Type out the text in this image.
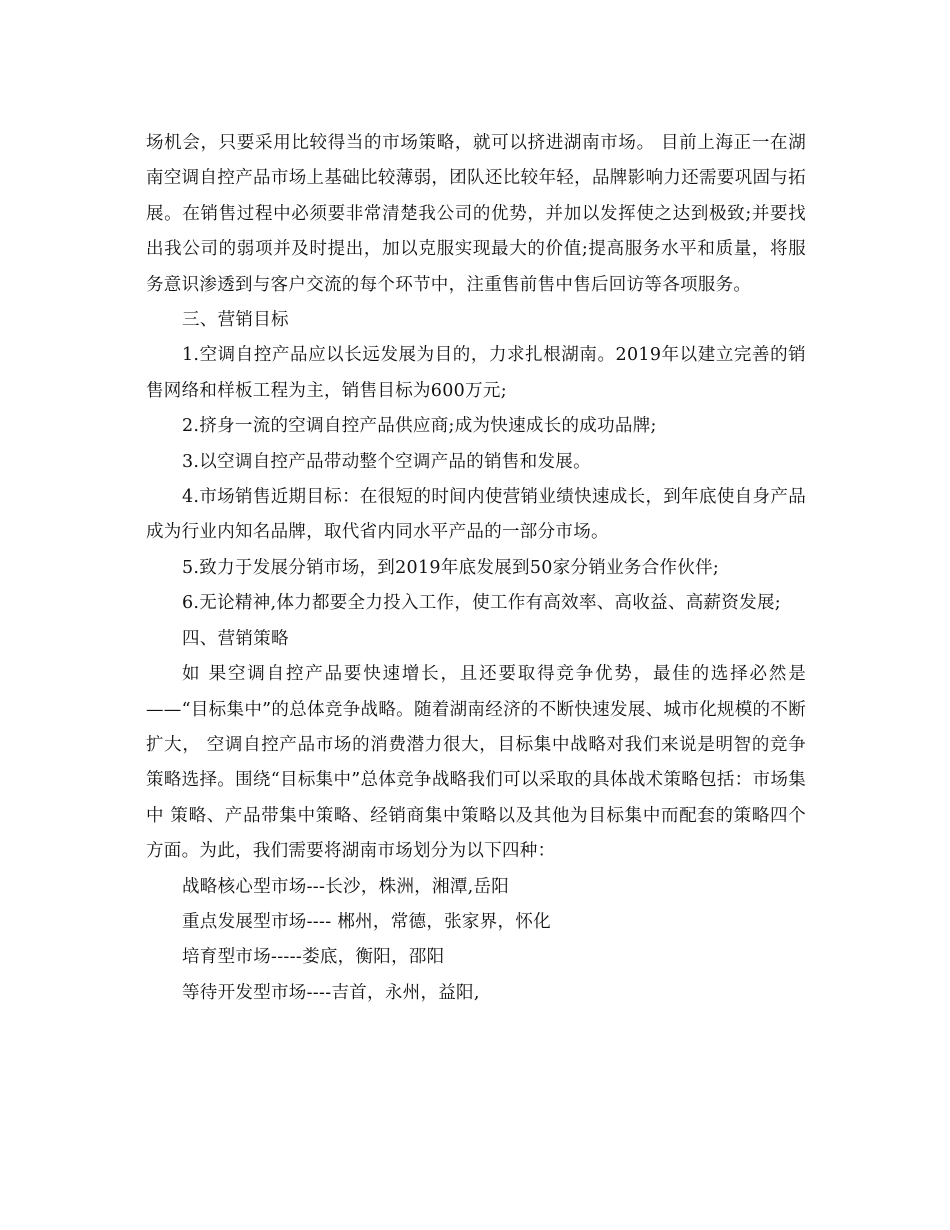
场机会，只要采用比较得当的市场策略，就可以挤进湖南市场。 目前上海正一在湖南空调自控产品市场上基础比较薄弱，团队还比较年轻，品牌影响力还需要巩固与拓展。在销售过程中必须要非常清楚我公司的优势，并加以发挥使之达到极致;并要找出我公司的弱项并及时提出，加以克服实现最大的价值;提高服务水平和质量，将服务意识渗透到与客户交流的每个环节中，注重售前售中售后回访等各项服务。

三、营销目标

1.空调自控产品应以长远发展为目的，力求扎根湖南。2019年以建立完善的销售网络和样板工程为主，销售目标为600万元;

2.挤身一流的空调自控产品供应商;成为快速成长的成功品牌;

3.以空调自控产品带动整个空调产品的销售和发展。

4.市场销售近期目标：在很短的时间内使营销业绩快速成长，到年底使自身产品成为行业内知名品牌，取代省内同水平产品的一部分市场。

5.致力于发展分销市场，到2019年底发展到50家分销业务合作伙伴;

6.无论精神,体力都要全力投入工作，使工作有高效率、高收益、高薪资发展;

四、营销策略

如 果空调自控产品要快速增长，且还要取得竞争优势，最佳的选择必然是——“目标集中”的总体竞争战略。随着湖南经济的不断快速发展、城市化规模的不断扩大， 空调自控产品市场的消费潜力很大，目标集中战略对我们来说是明智的竞争策略选择。围绕“目标集中”总体竞争战略我们可以采取的具体战术策略包括：市场集中 策略、产品带集中策略、经销商集中策略以及其他为目标集中而配套的策略四个方面。为此，我们需要将湖南市场划分为以下四种：

战略核心型市场---长沙，株洲，湘潭,岳阳

重点发展型市场---- 郴州，常德，张家界，怀化

培育型市场-----娄底，衡阳，邵阳

等待开发型市场----吉首，永州，益阳,
